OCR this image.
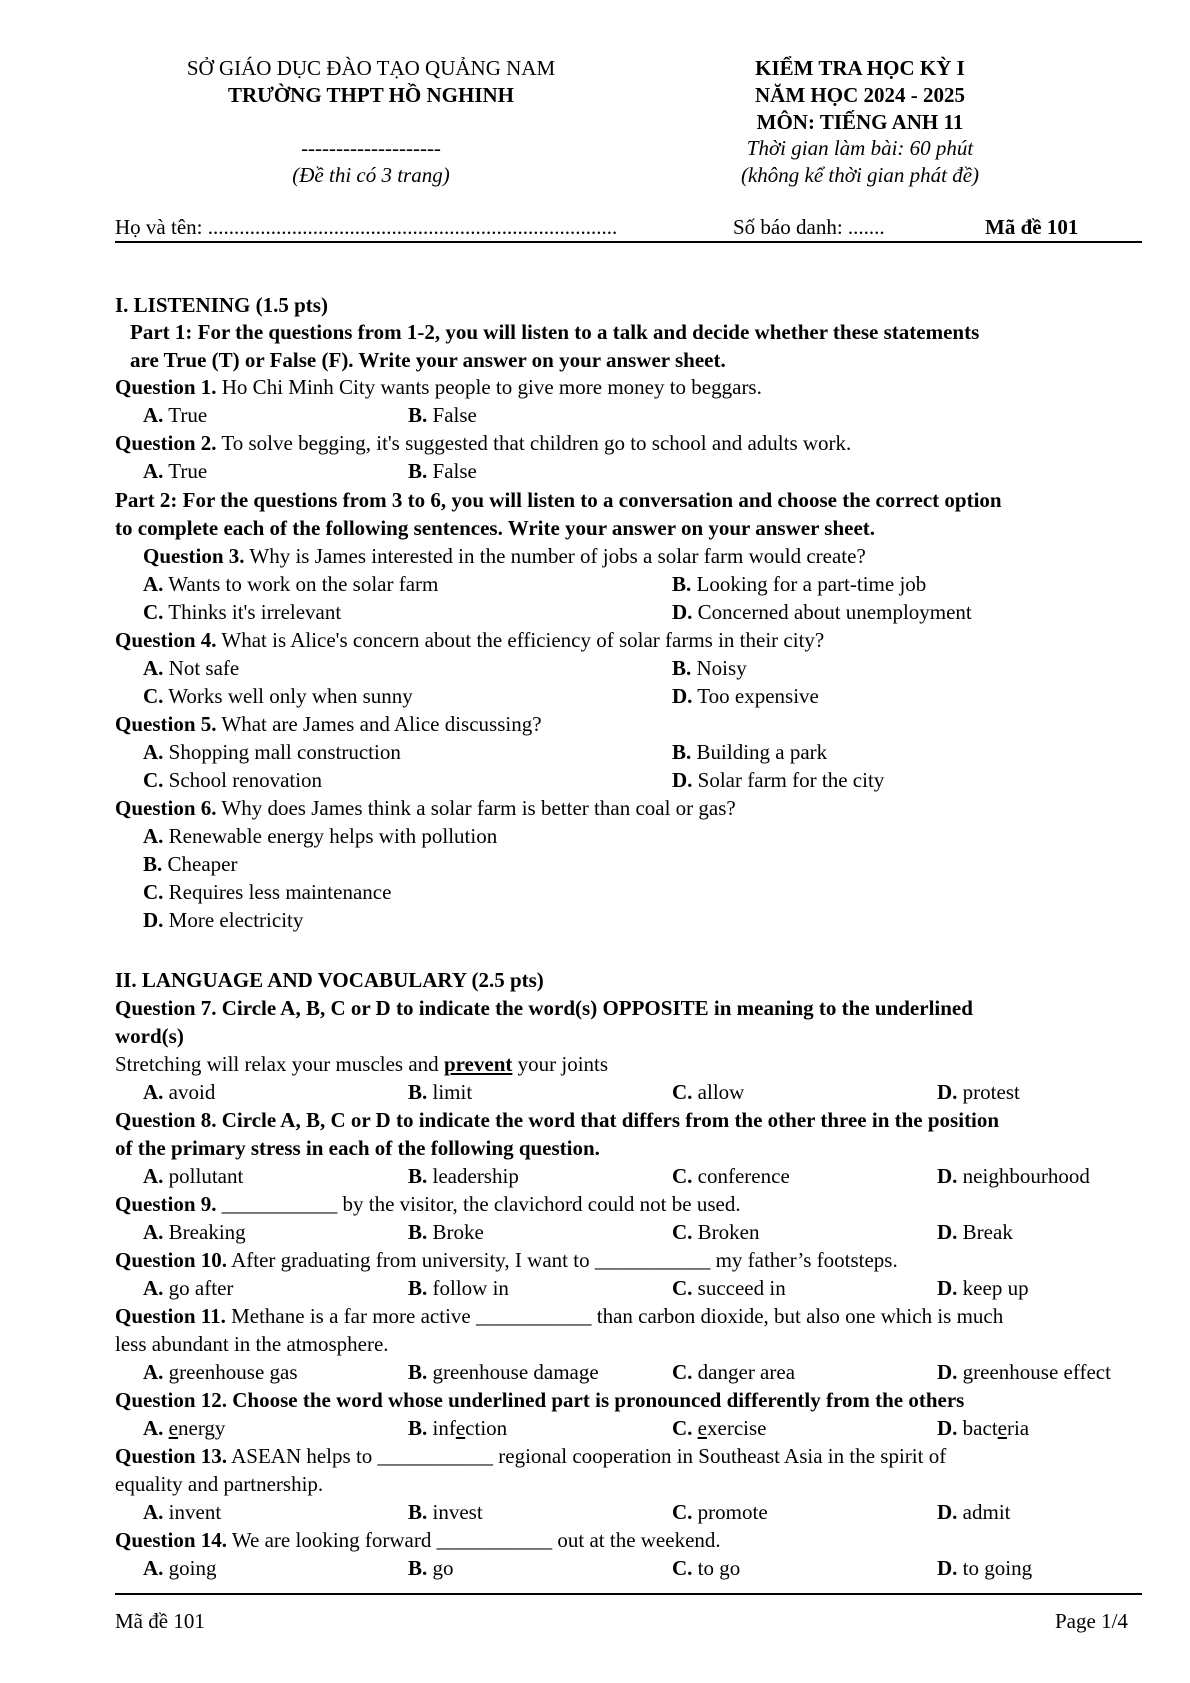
SỞ GIÁO DỤC ĐÀO TẠO QUẢNG NAM
TRƯỜNG THPT HỒ NGHINH
--------------------
(Đề thi có 3 trang)
KIỂM TRA HỌC KỲ I
NĂM HỌC 2024 - 2025
MÔN: TIẾNG ANH 11
Thời gian làm bài: 60 phút
(không kể thời gian phát đề)
Họ và tên: ..............................................................................	Số báo danh: .......	Mã đề 101
I. LISTENING (1.5 pts)
Part 1: For the questions from 1-2, you will listen to a talk and decide whether these statements
are True (T) or False (F). Write your answer on your answer sheet.
Question 1. Ho Chi Minh City wants people to give more money to beggars.
A. True	B. False
Question 2. To solve begging, it's suggested that children go to school and adults work.
A. True	B. False
Part 2: For the questions from 3 to 6, you will listen to a conversation and choose the correct option
to complete each of the following sentences. Write your answer on your answer sheet.
Question 3. Why is James interested in the number of jobs a solar farm would create?
A. Wants to work on the solar farm	B. Looking for a part-time job
C. Thinks it's irrelevant	D. Concerned about unemployment
Question 4. What is Alice's concern about the efficiency of solar farms in their city?
A. Not safe	B. Noisy
C. Works well only when sunny	D. Too expensive
Question 5. What are James and Alice discussing?
A. Shopping mall construction	B. Building a park
C. School renovation	D. Solar farm for the city
Question 6. Why does James think a solar farm is better than coal or gas?
A. Renewable energy helps with pollution
B. Cheaper
C. Requires less maintenance
D. More electricity
II. LANGUAGE AND VOCABULARY (2.5 pts)
Question 7. Circle A, B, C or D to indicate the word(s) OPPOSITE in meaning to the underlined
word(s)
Stretching will relax your muscles and prevent your joints
A. avoid	B. limit	C. allow	D. protest
Question 8. Circle A, B, C or D to indicate the word that differs from the other three in the position
of the primary stress in each of the following question.
A. pollutant	B. leadership	C. conference	D. neighbourhood
Question 9. ___________ by the visitor, the clavichord could not be used.
A. Breaking	B. Broke	C. Broken	D. Break
Question 10. After graduating from university, I want to ___________ my father’s footsteps.
A. go after	B. follow in	C. succeed in	D. keep up
Question 11. Methane is a far more active ___________ than carbon dioxide, but also one which is much
less abundant in the atmosphere.
A. greenhouse gas	B. greenhouse damage	C. danger area	D. greenhouse effect
Question 12. Choose the word whose underlined part is pronounced differently from the others
A. energy	B. infection	C. exercise	D. bacteria
Question 13. ASEAN helps to ___________ regional cooperation in Southeast Asia in the spirit of
equality and partnership.
A. invent	B. invest	C. promote	D. admit
Question 14. We are looking forward ___________ out at the weekend.
A. going	B. go	C. to go	D. to going
Mã đề 101	Page 1/4
